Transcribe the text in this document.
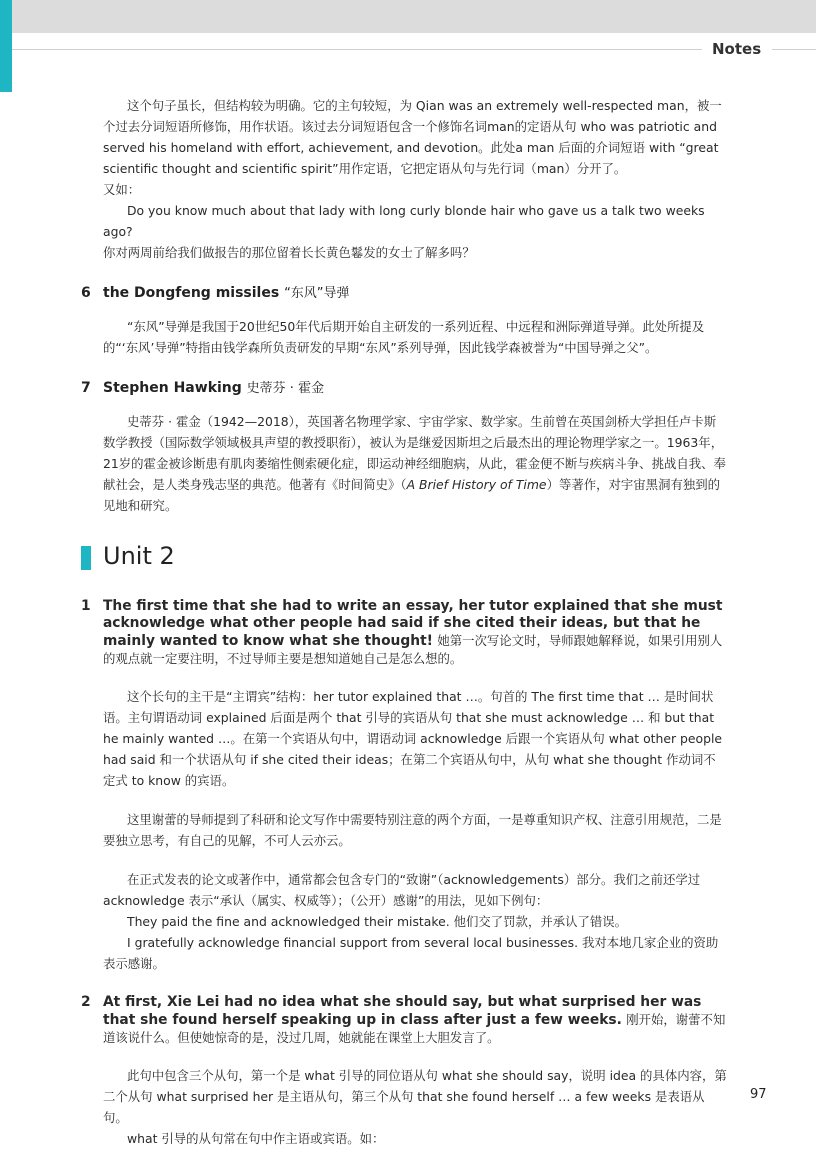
Notes

这个句子虽长，但结构较为明确。它的主句较短，为 Qian was an extremely well-respected man，被一个过去分词短语所修饰，用作状语。该过去分词短语包含一个修饰名词man的定语从句 who was patriotic and served his homeland with effort, achievement, and devotion。此处a man 后面的介词短语 with “great scientific thought and scientific spirit”用作定语，它把定语从句与先行词（man）分开了。

又如：

Do you know much about that lady with long curly blonde hair who gave us a talk two weeks ago?

你对两周前给我们做报告的那位留着长长黄色鬈发的女士了解多吗？

6 the Dongfeng missiles “东风”导弹

“东风”导弹是我国于20世纪50年代后期开始自主研发的一系列近程、中远程和洲际弹道导弹。此处所提及的“‘东风’导弹”特指由钱学森所负责研发的早期“东风”系列导弹，因此钱学森被誉为“中国导弹之父”。

7 Stephen Hawking 史蒂芬 · 霍金

史蒂芬 · 霍金（1942—2018），英国著名物理学家、宇宙学家、数学家。生前曾在英国剑桥大学担任卢卡斯数学教授（国际数学领域极具声望的教授职衔），被认为是继爱因斯坦之后最杰出的理论物理学家之一。1963年，21岁的霍金被诊断患有肌肉萎缩性侧索硬化症，即运动神经细胞病，从此，霍金便不断与疾病斗争、挑战自我、奉献社会，是人类身残志坚的典范。他著有《时间简史》（A Brief History of Time）等著作，对宇宙黑洞有独到的见地和研究。

Unit 2
1 The first time that she had to write an essay, her tutor explained that she must acknowledge what other people had said if she cited their ideas, but that he mainly wanted to know what she thought! 她第一次写论文时，导师跟她解释说，如果引用别人的观点就一定要注明，不过导师主要是想知道她自己是怎么想的。

这个长句的主干是“主谓宾”结构：her tutor explained that …。句首的 The first time that … 是时间状语。主句谓语动词 explained 后面是两个 that 引导的宾语从句 that she must acknowledge … 和 but that he mainly wanted …。在第一个宾语从句中，谓语动词 acknowledge 后跟一个宾语从句 what other people had said 和一个状语从句 if she cited their ideas；在第二个宾语从句中，从句 what she thought 作动词不定式 to know 的宾语。

这里谢蕾的导师提到了科研和论文写作中需要特别注意的两个方面，一是尊重知识产权、注意引用规范，二是要独立思考，有自己的见解，不可人云亦云。

在正式发表的论文或著作中，通常都会包含专门的“致谢”（acknowledgements）部分。我们之前还学过 acknowledge 表示“承认（属实、权威等）；（公开）感谢”的用法，见如下例句：

They paid the fine and acknowledged their mistake. 他们交了罚款，并承认了错误。

I gratefully acknowledge financial support from several local businesses. 我对本地几家企业的资助表示感谢。

2 At first, Xie Lei had no idea what she should say, but what surprised her was that she found herself speaking up in class after just a few weeks. 刚开始，谢蕾不知道该说什么。但使她惊奇的是，没过几周，她就能在课堂上大胆发言了。

此句中包含三个从句，第一个是 what 引导的同位语从句 what she should say，说明 idea 的具体内容，第二个从句 what surprised her 是主语从句，第三个从句 that she found herself … a few weeks 是表语从句。

what 引导的从句常在句中作主语或宾语。如：

97
